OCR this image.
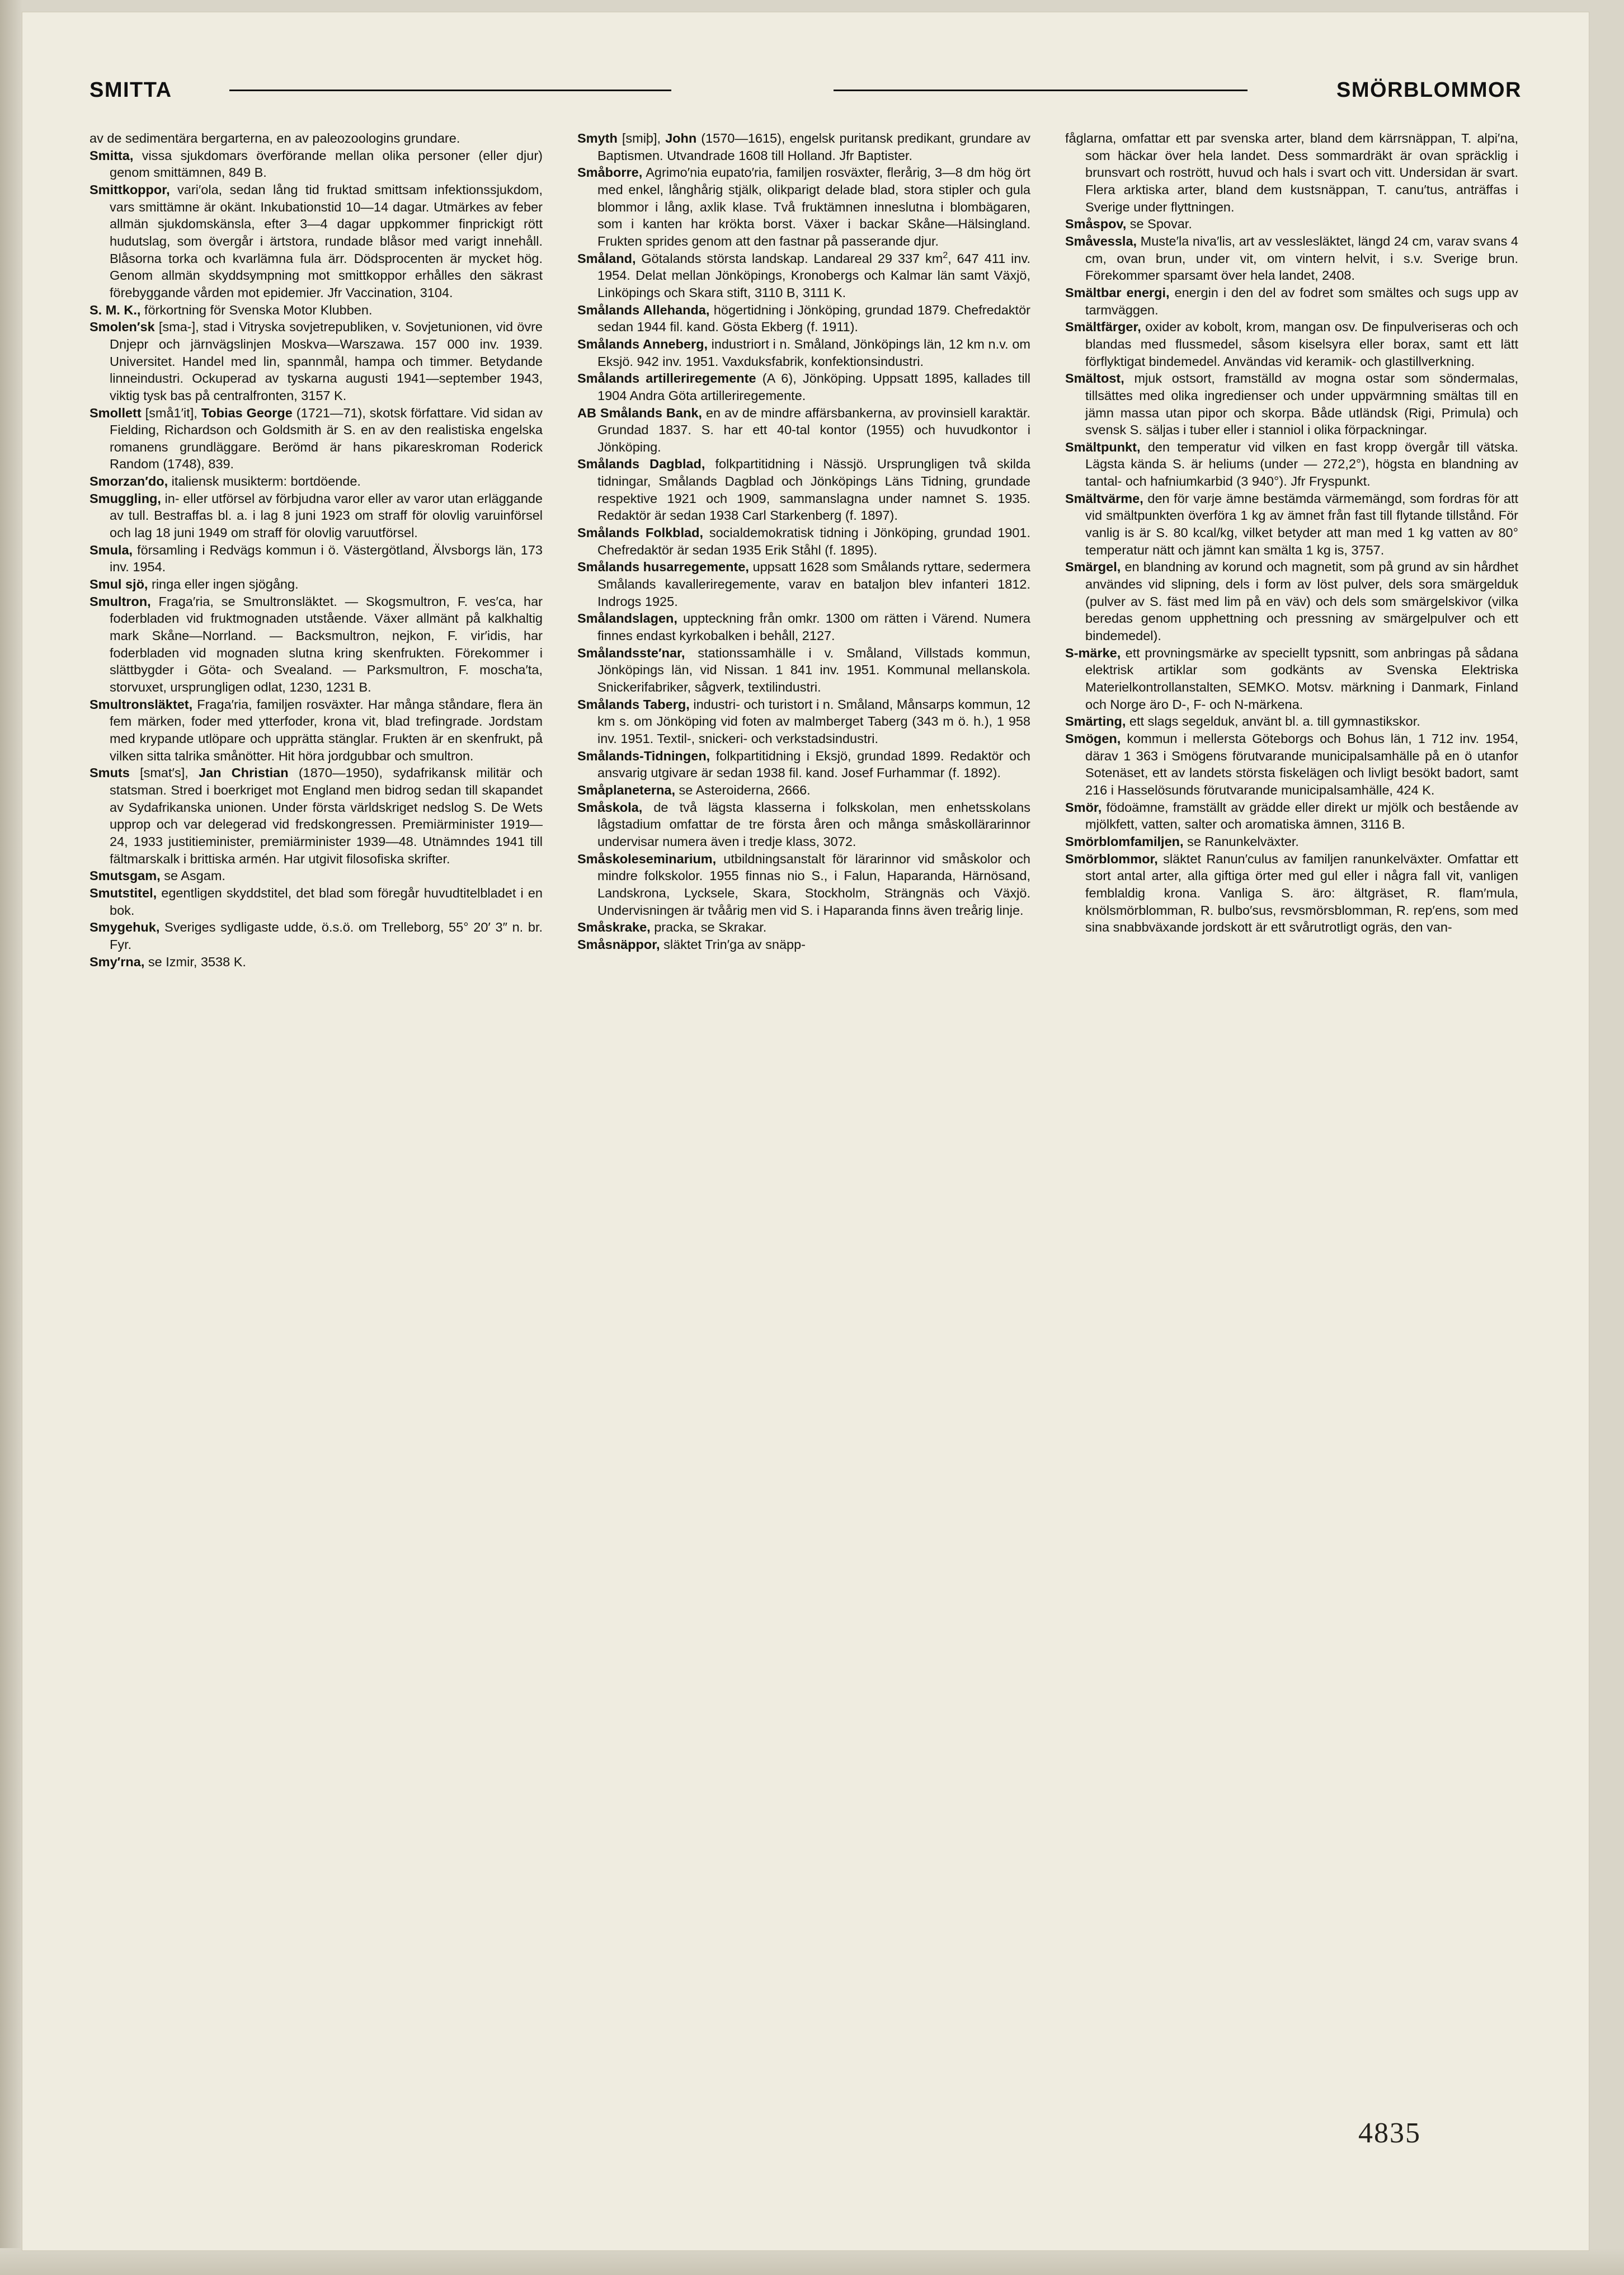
SMITTA	SMÖRBLOMMOR

av de sedimentära bergarterna, en av paleozoologins grundare.

Smitta, vissa sjukdomars överförande mellan olika personer (eller djur) genom smittämnen, 849 B.

Smittkoppor, vari′ola, sedan lång tid fruktad smittsam infektionssjukdom, vars smittämne är okänt. Inkubationstid 10—14 dagar. Utmärkes av feber allmän sjukdomskänsla, efter 3—4 dagar uppkommer finprickigt rött hudutslag, som övergår i ärtstora, rundade blåsor med varigt innehåll. Blåsorna torka och kvarlämna fula ärr. Dödsprocenten är mycket hög. Genom allmän skyddsympning mot smittkoppor erhålles den säkrast förebyggande vården mot epidemier. Jfr Vaccination, 3104.

S. M. K., förkortning för Svenska Motor Klubben.

Smolen′sk [sma-], stad i Vitryska sovjetrepubliken, v. Sovjetunionen, vid övre Dnjepr och järnvägslinjen Moskva—Warszawa. 157 000 inv. 1939. Universitet. Handel med lin, spannmål, hampa och timmer. Betydande linneindustri. Ockuperad av tyskarna augusti 1941—september 1943, viktig tysk bas på centralfronten, 3157 K.

Smollett [små1′it], Tobias George (1721—71), skotsk författare. Vid sidan av Fielding, Richardson och Goldsmith är S. en av den realistiska engelska romanens grundläggare. Berömd är hans pikareskroman Roderick Random (1748), 839.

Smorzan′do, italiensk musikterm: bortdöende.

Smuggling, in- eller utförsel av förbjudna varor eller av varor utan erläggande av tull. Bestraffas bl. a. i lag 8 juni 1923 om straff för olovlig varuinförsel och lag 18 juni 1949 om straff för olovlig varuutförsel.

Smula, församling i Redvägs kommun i ö. Västergötland, Älvsborgs län, 173 inv. 1954.

Smul sjö, ringa eller ingen sjögång.

Smultron, Fraga′ria, se Smultronsläktet. — Skogsmultron, F. ves′ca, har foderbladen vid fruktmognaden utstående. Växer allmänt på kalkhaltig mark Skåne—Norrland. — Backsmultron, nejkon, F. vir′idis, har foderbladen vid mognaden slutna kring skenfrukten. Förekommer i slättbygder i Göta- och Svealand. — Parksmultron, F. moscha′ta, storvuxet, ursprungligen odlat, 1230, 1231 B.

Smultronsläktet, Fraga′ria, familjen rosväxter. Har många ståndare, flera än fem märken, foder med ytterfoder, krona vit, blad trefingrade. Jordstam med krypande utlöpare och upprätta stänglar. Frukten är en skenfrukt, på vilken sitta talrika smånötter. Hit höra jordgubbar och smultron.

Smuts [smat′s], Jan Christian (1870—1950), sydafrikansk militär och statsman. Stred i boerkriget mot England men bidrog sedan till skapandet av Sydafrikanska unionen. Under första världskriget nedslog S. De Wets upprop och var delegerad vid fredskongressen. Premiärminister 1919—24, 1933 justitieminister, premiärminister 1939—48. Utnämndes 1941 till fältmarskalk i brittiska armén. Har utgivit filosofiska skrifter.

Smutsgam, se Asgam.

Smutstitel, egentligen skyddstitel, det blad som föregår huvudtitelbladet i en bok.

Smygehuk, Sveriges sydligaste udde, ö.s.ö. om Trelleborg, 55° 20′ 3″ n. br. Fyr.

Smy′rna, se Izmir, 3538 K.

Smyth [smiþ], John (1570—1615), engelsk puritansk predikant, grundare av Baptismen. Utvandrade 1608 till Holland. Jfr Baptister.

Småborre, Agrimo′nia eupato′ria, familjen rosväxter, flerårig, 3—8 dm hög ört med enkel, långhårig stjälk, olikparigt delade blad, stora stipler och gula blommor i lång, axlik klase. Två fruktämnen inneslutna i blombägaren, som i kanten har krökta borst. Växer i backar Skåne—Hälsingland. Frukten sprides genom att den fastnar på passerande djur.

Småland, Götalands största landskap. Landareal 29 337 $km^2$, 647 411 inv. 1954. Delat mellan Jönköpings, Kronobergs och Kalmar län samt Växjö, Linköpings och Skara stift, 3110 B, 3111 K.

Smålands Allehanda, högertidning i Jönköping, grundad 1879. Chefredaktör sedan 1944 fil. kand. Gösta Ekberg (f. 1911).

Smålands Anneberg, industriort i n. Småland, Jönköpings län, 12 km n.v. om Eksjö. 942 inv. 1951. Vaxduksfabrik, konfektionsindustri.

Smålands artilleriregemente (A 6), Jönköping. Uppsatt 1895, kallades till 1904 Andra Göta artilleriregemente.

AB Smålands Bank, en av de mindre affärsbankerna, av provinsiell karaktär. Grundad 1837. S. har ett 40-tal kontor (1955) och huvudkontor i Jönköping.

Smålands Dagblad, folkpartitidning i Nässjö. Ursprungligen två skilda tidningar, Smålands Dagblad och Jönköpings Läns Tidning, grundade respektive 1921 och 1909, sammanslagna under namnet S. 1935. Redaktör är sedan 1938 Carl Starkenberg (f. 1897).

Smålands Folkblad, socialdemokratisk tidning i Jönköping, grundad 1901. Chefredaktör är sedan 1935 Erik Ståhl (f. 1895).

Smålands husarregemente, uppsatt 1628 som Smålands ryttare, sedermera Smålands kavalleriregemente, varav en bataljon blev infanteri 1812. Indrogs 1925.

Smålandslagen, uppteckning från omkr. 1300 om rätten i Värend. Numera finnes endast kyrkobalken i behåll, 2127.

Smålandsste′nar, stationssamhälle i v. Småland, Villstads kommun, Jönköpings län, vid Nissan. 1 841 inv. 1951. Kommunal mellanskola. Snickerifabriker, sågverk, textilindustri.

Smålands Taberg, industri- och turistort i n. Småland, Månsarps kommun, 12 km s. om Jönköping vid foten av malmberget Taberg (343 m ö. h.), 1 958 inv. 1951. Textil-, snickeri- och verkstadsindustri.

Smålands-Tidningen, folkpartitidning i Eksjö, grundad 1899. Redaktör och ansvarig utgivare är sedan 1938 fil. kand. Josef Furhammar (f. 1892).

Småplaneterna, se Asteroiderna, 2666.

Småskola, de två lägsta klasserna i folkskolan, men enhetsskolans lågstadium omfattar de tre första åren och många småskollärarinnor undervisar numera även i tredje klass, 3072.

Småskoleseminarium, utbildningsanstalt för lärarinnor vid småskolor och mindre folkskolor. 1955 finnas nio S., i Falun, Haparanda, Härnösand, Landskrona, Lycksele, Skara, Stockholm, Strängnäs och Växjö. Undervisningen är tvåårig men vid S. i Haparanda finns även treårig linje.

Småskrake, pracka, se Skrakar.

Småsnäppor, släktet Trin′ga av snäpp-

fåglarna, omfattar ett par svenska arter, bland dem kärrsnäppan, T. alpi′na, som häckar över hela landet. Dess sommardräkt är ovan spräcklig i brunsvart och rostrött, huvud och hals i svart och vitt. Undersidan är svart. Flera arktiska arter, bland dem kustsnäppan, T. canu′tus, anträffas i Sverige under flyttningen.

Småspov, se Spovar.

Småvessla, Muste′la niva′lis, art av vesslesläktet, längd 24 cm, varav svans 4 cm, ovan brun, under vit, om vintern helvit, i s.v. Sverige brun. Förekommer sparsamt över hela landet, 2408.

Smältbar energi, energin i den del av fodret som smältes och sugs upp av tarmväggen.

Smältfärger, oxider av kobolt, krom, mangan osv. De finpulveriseras och och blandas med flussmedel, såsom kiselsyra eller borax, samt ett lätt förflyktigat bindemedel. Användas vid keramik- och glastillverkning.

Smältost, mjuk ostsort, framställd av mogna ostar som söndermalas, tillsättes med olika ingredienser och under uppvärmning smältas till en jämn massa utan pipor och skorpa. Både utländsk (Rigi, Primula) och svensk S. säljas i tuber eller i stanniol i olika förpackningar.

Smältpunkt, den temperatur vid vilken en fast kropp övergår till vätska. Lägsta kända S. är heliums (under — 272,2°), högsta en blandning av tantal- och hafniumkarbid (3 940°). Jfr Fryspunkt.

Smältvärme, den för varje ämne bestämda värmemängd, som fordras för att vid smältpunkten överföra 1 kg av ämnet från fast till flytande tillstånd. För vanlig is är S. 80 kcal/kg, vilket betyder att man med 1 kg vatten av 80° temperatur nätt och jämnt kan smälta 1 kg is, 3757.

Smärgel, en blandning av korund och magnetit, som på grund av sin hårdhet användes vid slipning, dels i form av löst pulver, dels sora smärgelduk (pulver av S. fäst med lim på en väv) och dels som smärgelskivor (vilka beredas genom upphettning och pressning av smärgelpulver och ett bindemedel).

S-märke, ett provningsmärke av speciellt typsnitt, som anbringas på sådana elektrisk artiklar som godkänts av Svenska Elektriska Materielkontrollanstalten, SEMKO. Motsv. märkning i Danmark, Finland och Norge äro D-, F- och N-märkena.

Smärting, ett slags segelduk, använt bl. a. till gymnastikskor.

Smögen, kommun i mellersta Göteborgs och Bohus län, 1 712 inv. 1954, därav 1 363 i Smögens förutvarande municipalsamhälle på en ö utanfor Sotenäset, ett av landets största fiskelägen och livligt besökt badort, samt 216 i Hasselösunds förutvarande municipalsamhälle, 424 K.

Smör, födoämne, framställt av grädde eller direkt ur mjölk och bestående av mjölkfett, vatten, salter och aromatiska ämnen, 3116 B.

Smörblomfamiljen, se Ranunkelväxter.

Smörblommor, släktet Ranun′culus av familjen ranunkelväxter. Omfattar ett stort antal arter, alla giftiga örter med gul eller i några fall vit, vanligen femblaldig krona. Vanliga S. äro: ältgräset, R. flam′mula, knölsmörblomman, R. bulbo′sus, revsmörsblomman, R. rep′ens, som med sina snabbväxande jordskott är ett svårutrotligt ogräs, den van-

4835
